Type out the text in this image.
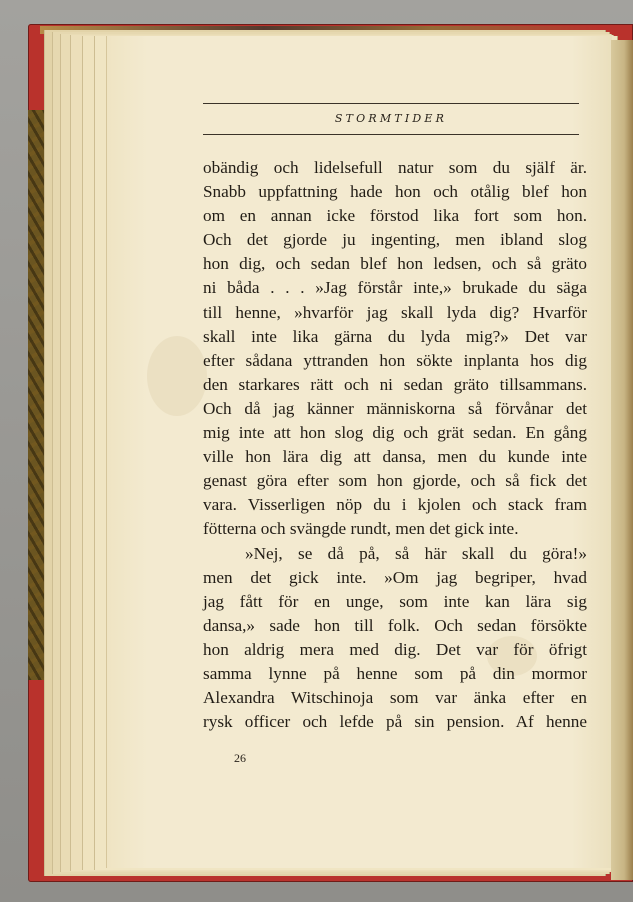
STORMTIDER
obändig och lidelsefull natur som du själf är.
Snabb uppfattning hade hon och otålig blef hon
om en annan icke förstod lika fort som hon.
Och det gjorde ju ingenting, men ibland slog
hon dig, och sedan blef hon ledsen, och så gräto
ni båda . . . »Jag förstår inte,» brukade du säga
till henne, »hvarför jag skall lyda dig? Hvarför
skall inte lika gärna du lyda mig?» Det var
efter sådana yttranden hon sökte inplanta hos dig
den starkares rätt och ni sedan gräto tillsammans.
Och då jag känner människorna så förvånar det
mig inte att hon slog dig och grät sedan. En gång
ville hon lära dig att dansa, men du kunde inte
genast göra efter som hon gjorde, och så fick det
vara. Visserligen nöp du i kjolen och stack fram
fötterna och svängde rundt, men det gick inte.
»Nej, se då på, så här skall du göra!»
men det gick inte. »Om jag begriper, hvad
jag fått för en unge, som inte kan lära sig
dansa,» sade hon till folk. Och sedan försökte
hon aldrig mera med dig. Det var för öfrigt
samma lynne på henne som på din mormor
Alexandra Witschinoja som var änka efter en
rysk officer och lefde på sin pension. Af henne
26
